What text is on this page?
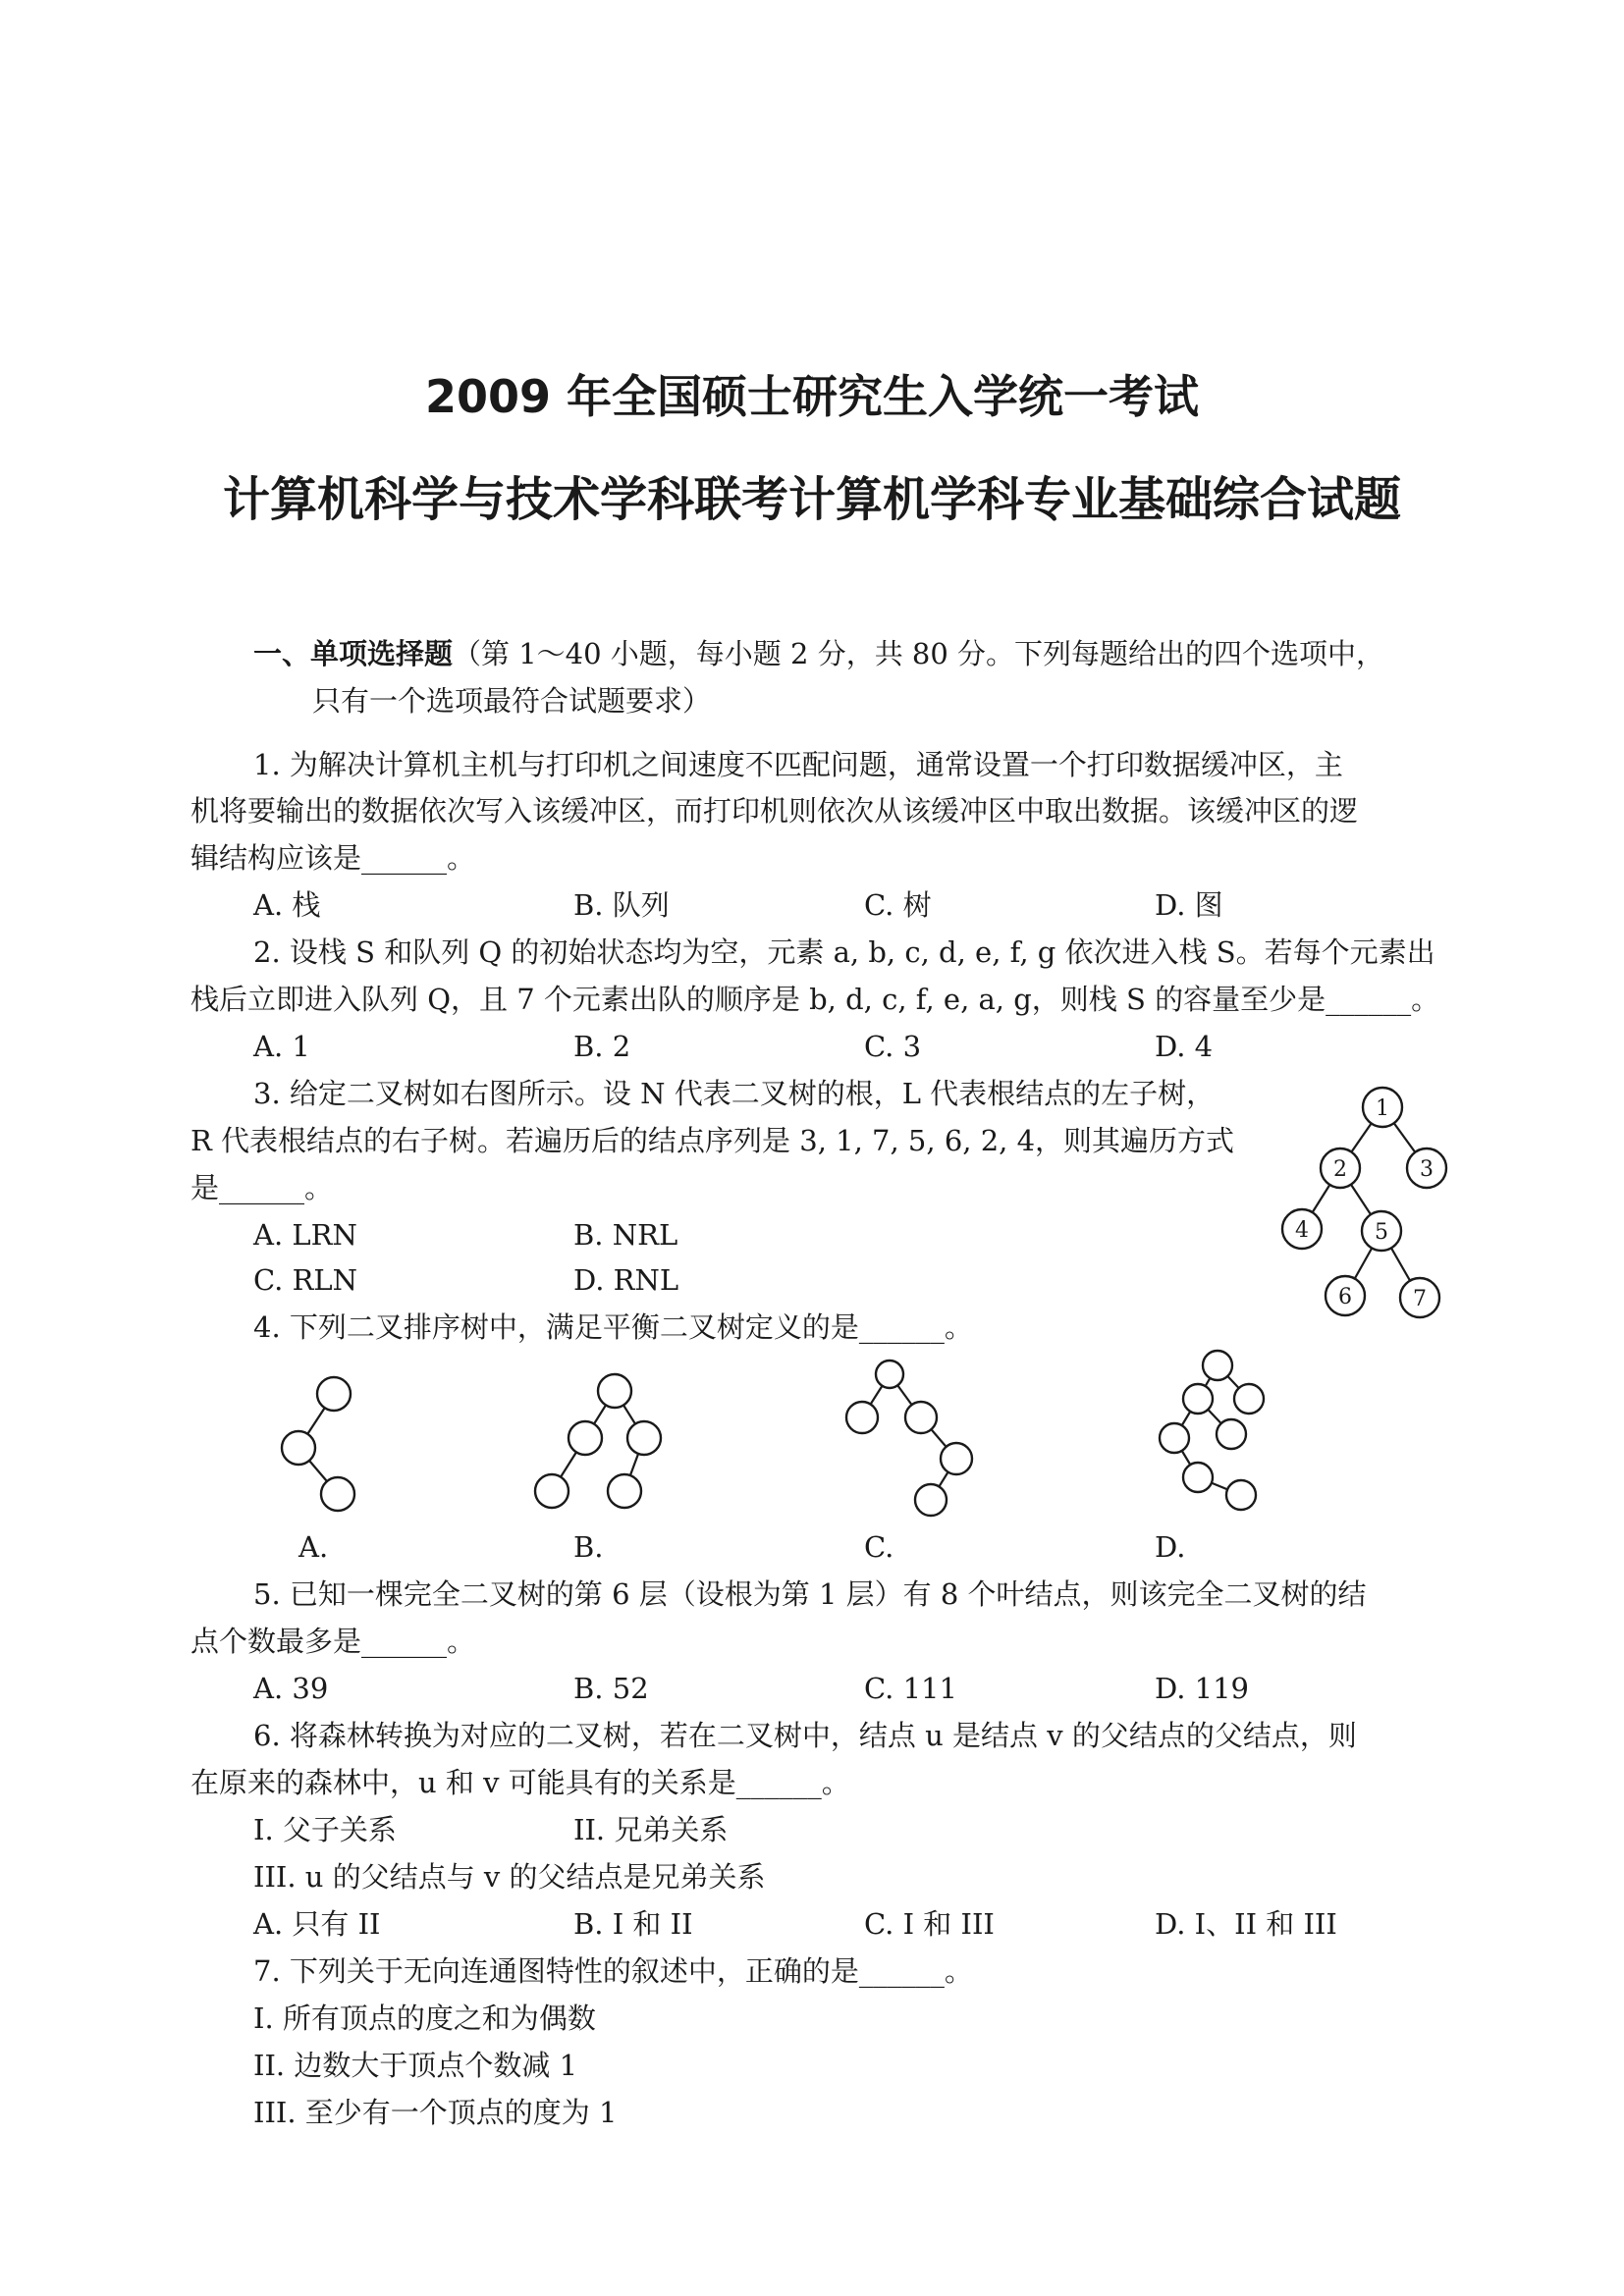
2009 年全国硕士研究生入学统一考试
计算机科学与技术学科联考计算机学科专业基础综合试题
一、单项选择题（第 1～40 小题，每小题 2 分，共 80 分。下列每题给出的四个选项中，
只有一个选项最符合试题要求）
1. 为解决计算机主机与打印机之间速度不匹配问题，通常设置一个打印数据缓冲区，主
机将要输出的数据依次写入该缓冲区，而打印机则依次从该缓冲区中取出数据。该缓冲区的逻
辑结构应该是______。
A. 栈	B. 队列	C. 树	D. 图
2. 设栈 S 和队列 Q 的初始状态均为空，元素 a, b, c, d, e, f, g 依次进入栈 S。若每个元素出
栈后立即进入队列 Q，且 7 个元素出队的顺序是 b, d, c, f, e, a, g，则栈 S 的容量至少是______。
A. 1	B. 2	C. 3	D. 4
3. 给定二叉树如右图所示。设 N 代表二叉树的根，L 代表根结点的左子树，
R 代表根结点的右子树。若遍历后的结点序列是 3, 1, 7, 5, 6, 2, 4，则其遍历方式
是______。
A. LRN	B. NRL
C. RLN	D. RNL
1
2	3
4	5
6	7
4. 下列二叉排序树中，满足平衡二叉树定义的是______。
A.	B.	C.	D.
5. 已知一棵完全二叉树的第 6 层（设根为第 1 层）有 8 个叶结点，则该完全二叉树的结
点个数最多是______。
A. 39	B. 52	C. 111	D. 119
6. 将森林转换为对应的二叉树，若在二叉树中，结点 u 是结点 v 的父结点的父结点，则
在原来的森林中，u 和 v 可能具有的关系是______。
I. 父子关系	II. 兄弟关系
III. u 的父结点与 v 的父结点是兄弟关系
A. 只有 II	B. I 和 II	C. I 和 III	D. I、II 和 III
7. 下列关于无向连通图特性的叙述中，正确的是______。
I. 所有顶点的度之和为偶数
II. 边数大于顶点个数减 1
III. 至少有一个顶点的度为 1
